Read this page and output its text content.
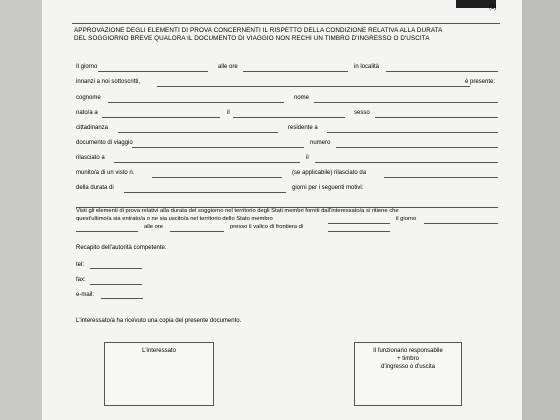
(1)
APPROVAZIONE DEGLI ELEMENTI DI PROVA CONCERNENTI IL RISPETTO DELLA CONDIZIONE RELATIVA ALLA DURATA
DEL SOGGIORNO BREVE QUALORA IL DOCUMENTO DI VIAGGIO NON RECHI UN TIMBRO D'INGRESSO O D'USCITA
Il giorno	alle ore	in località
innanzi a noi sottoscritti,	è presente:
cognome	nome
nato/a a	il	sesso
cittadinanza	residente a
documento di viaggio	numero
rilasciato a	il
munito/a di un visto n.	(se applicabile) rilasciato da
della durata di	giorni per i seguenti motivi:
Visti gli elementi di prova relativi alla durata del soggiorno nel territorio degli Stati membri forniti dall'interessato/a si ritiene che
quest'ultimo/a sia entrato/a o ne sia uscito/a nel territorio dello Stato membro	il giorno
alle ore	presso il valico di frontiera di
Recapito dell'autorità competente:
tel:
fax:
e-mail:
L'interessato/a ha ricevuto una copia del presente documento.
L'interessato	Il funzionario responsabile
+ timbro
d'ingresso o d'uscita
